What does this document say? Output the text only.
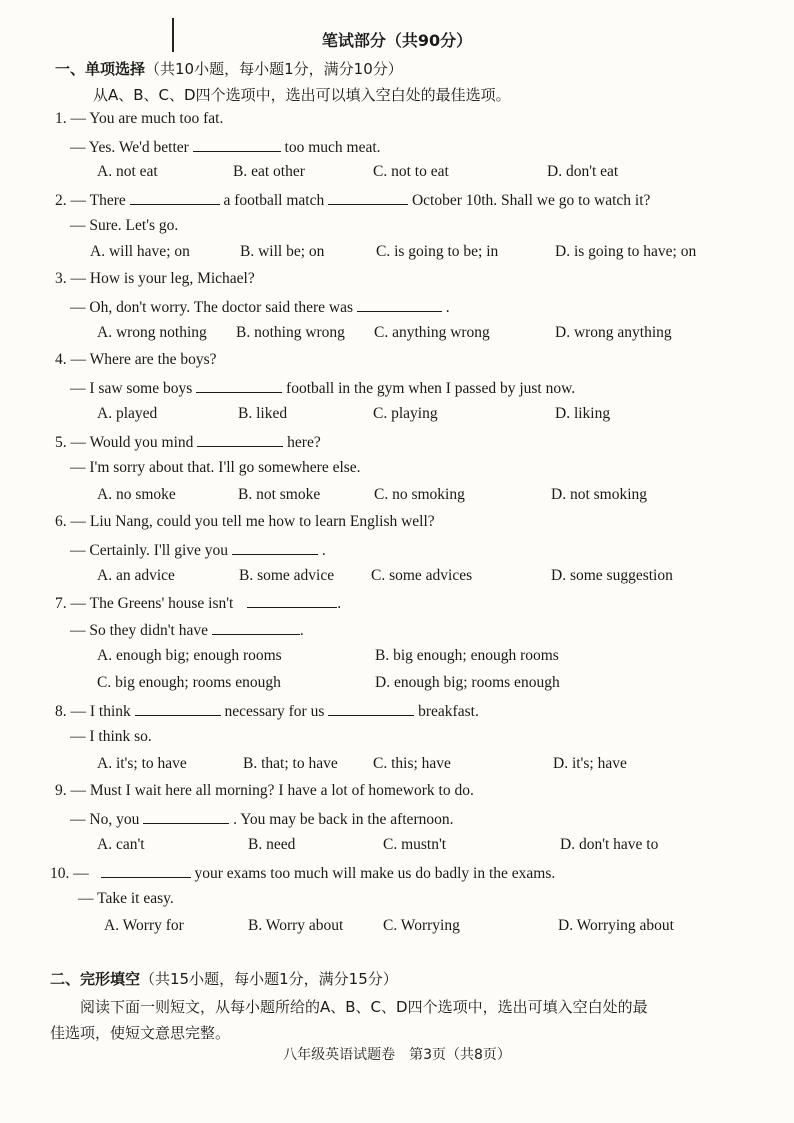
笔试部分（共90分）
一、单项选择（共10小题，每小题1分，满分10分）
从A、B、C、D四个选项中，选出可以填入空白处的最佳选项。
1. — You are much too fat.
— Yes. We'd better	too much meat.
A. not eat	B. eat other	C. not to eat	D. don't eat
2. — There	a football match	October 10th. Shall we go to watch it?
— Sure. Let's go.
A. will have; on	B. will be; on	C. is going to be; in	D. is going to have; on
3. — How is your leg, Michael?
— Oh, don't worry. The doctor said there was	.
A. wrong nothing B. nothing wrong C. anything wrong	D. wrong anything
4. — Where are the boys?
— I saw some boys	football in the gym when I passed by just now.
A. played	B. liked	C. playing	D. liking
5. — Would you mind	here?
— I'm sorry about that. I'll go somewhere else.
A. no smoke	B. not smoke	C. no smoking	D. not smoking
6. — Liu Nang, could you tell me how to learn English well?
— Certainly. I'll give you	.
A. an advice	B. some advice C. some advices	D. some suggestion
7. — The Greens' house isn't	.
— So they didn't have	.
A. enough big; enough rooms	B. big enough; enough rooms
C. big enough; rooms enough	D. enough big; rooms enough
8. — I think	necessary for us	breakfast.
— I think so.
A. it's; to have	B. that; to have C. this; have	D. it's; have
9. — Must I wait here all morning? I have a lot of homework to do.
— No, you	. You may be back in the afternoon.
A. can't	B. need	C. mustn't	D. don't have to
10. —	your exams too much will make us do badly in the exams.
— Take it easy.
A. Worry for	B. Worry about	C. Worrying	D. Worrying about
二、完形填空（共15小题，每小题1分，满分15分）
阅读下面一则短文，从每小题所给的A、B、C、D四个选项中，选出可填入空白处的最
佳选项，使短文意思完整。
八年级英语试题卷　第3页（共8页）
